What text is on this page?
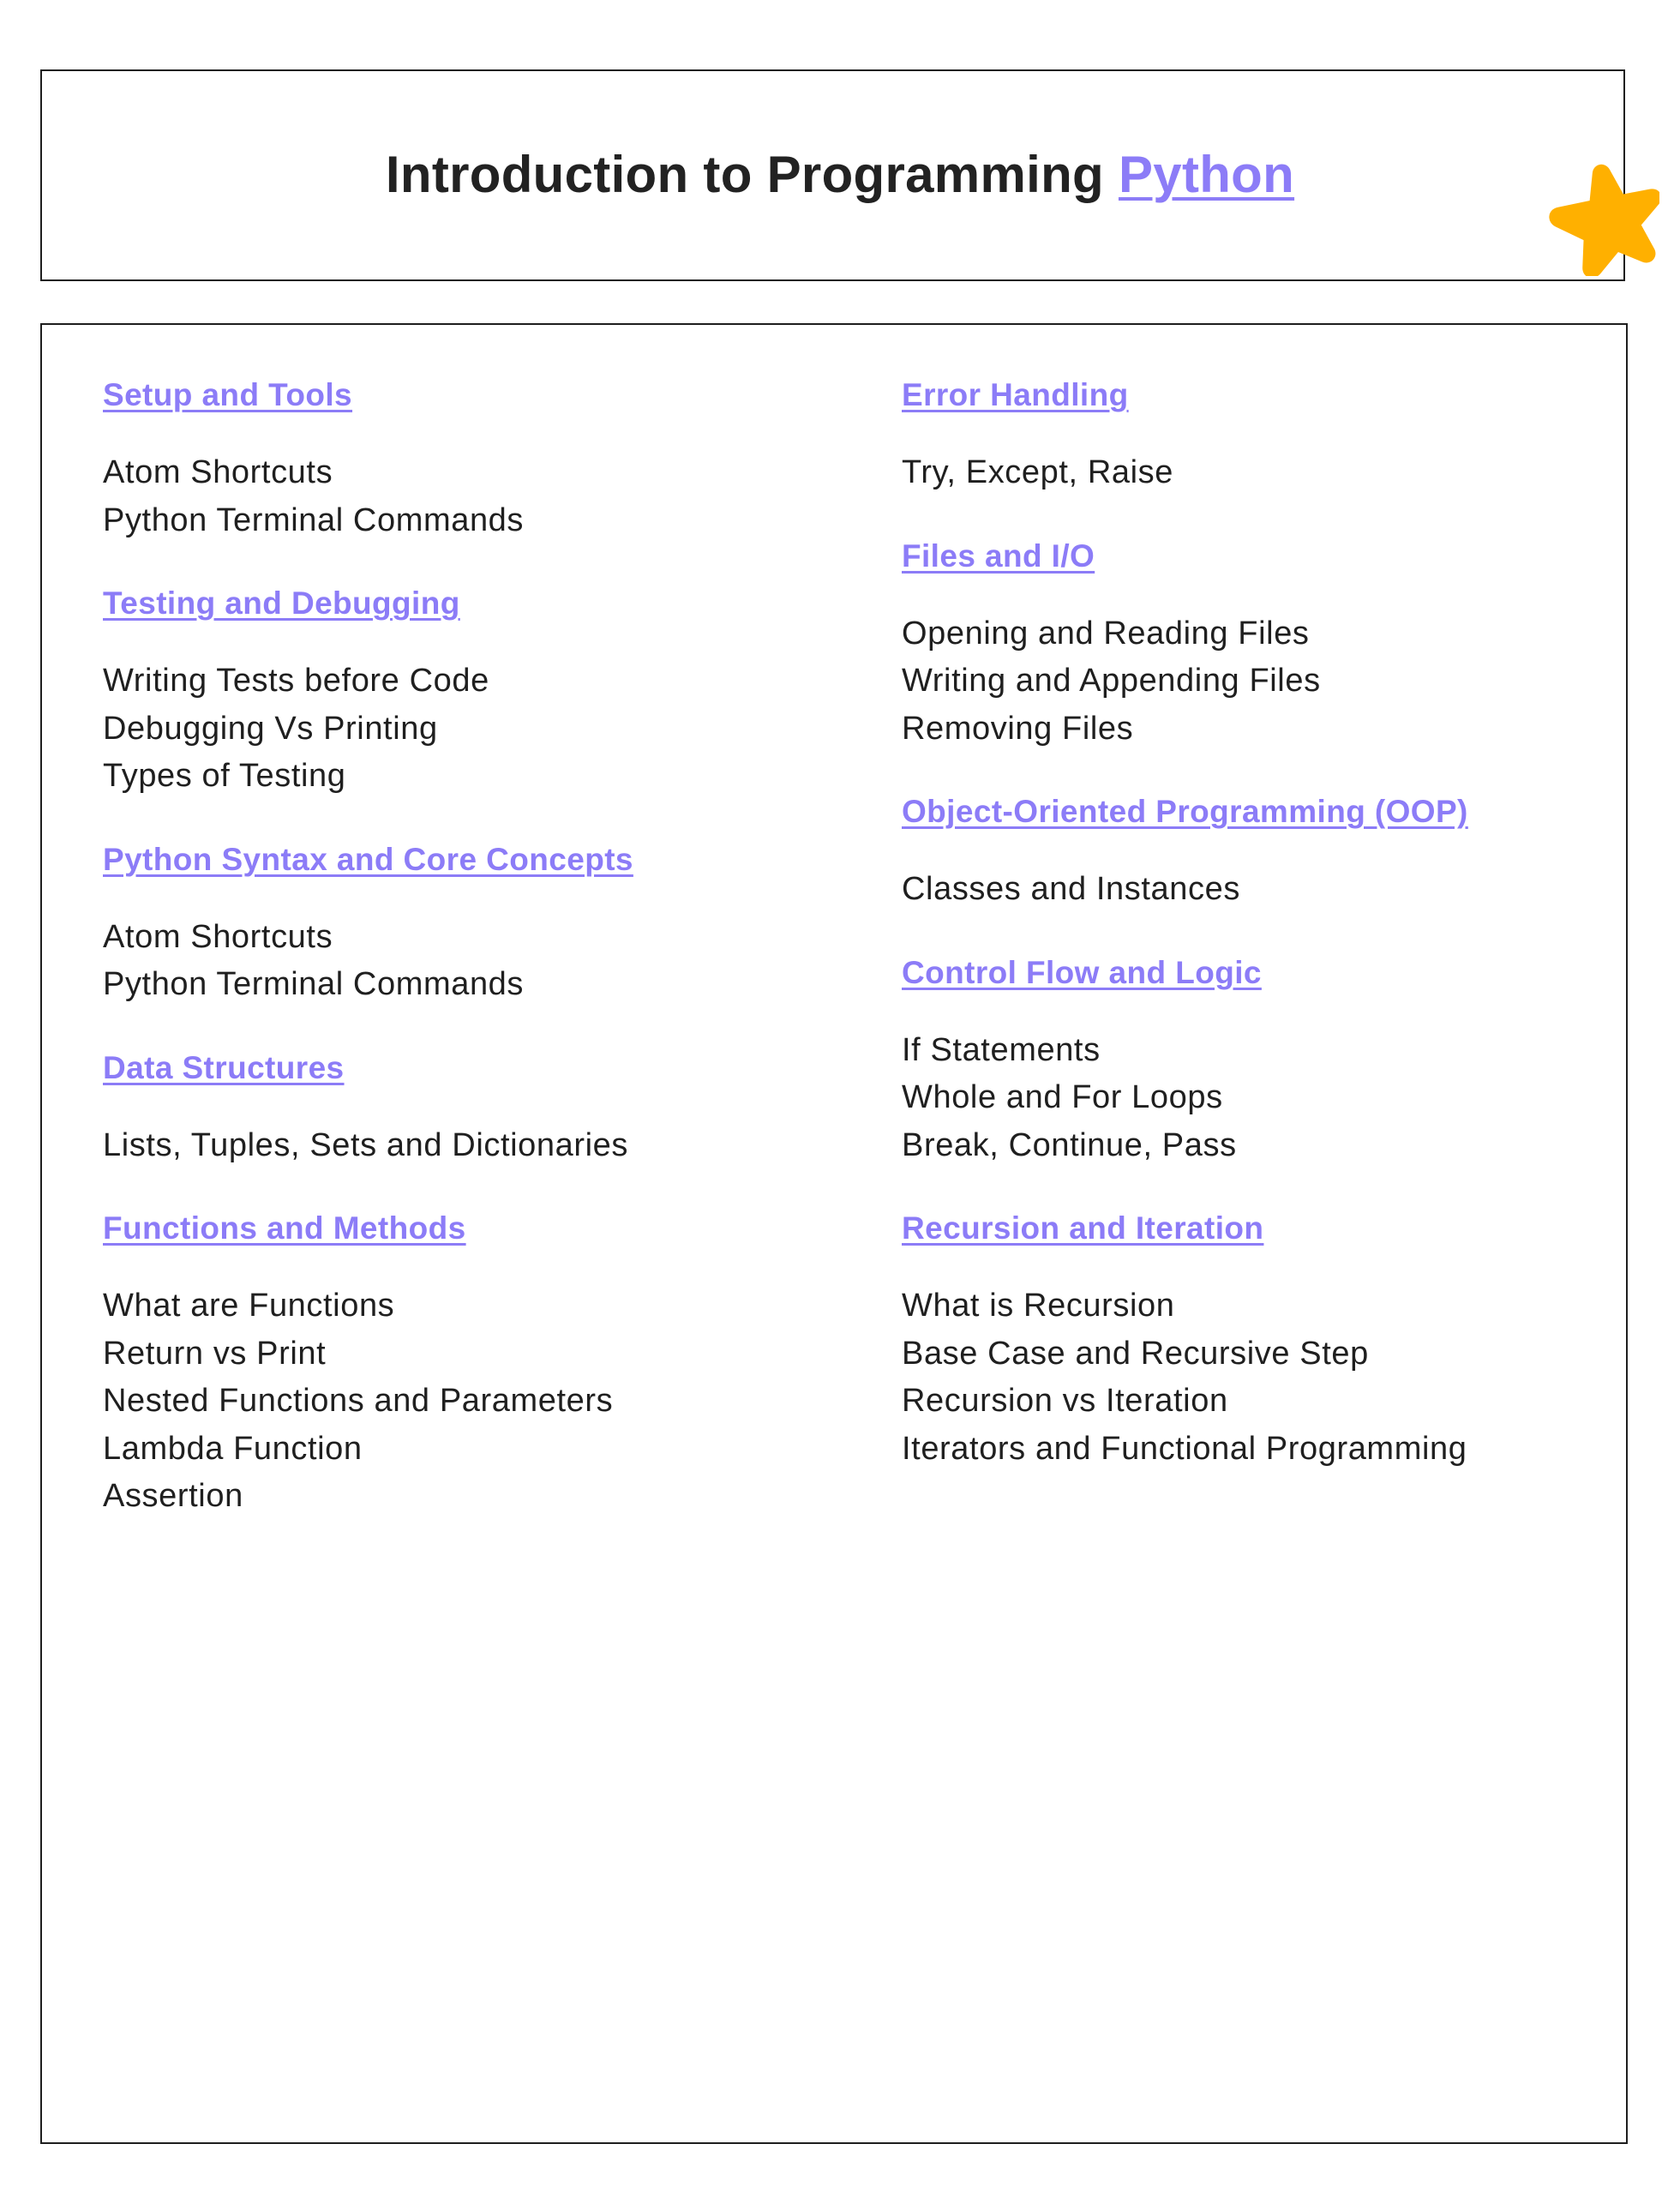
Introduction to Programming Python
Setup and Tools
Atom Shortcuts
Python Terminal Commands
Testing and Debugging
Writing Tests before Code
Debugging Vs Printing
Types of Testing
Python Syntax and Core Concepts
Atom Shortcuts
Python Terminal Commands
Data Structures
Lists, Tuples, Sets and Dictionaries
Functions and Methods
What are Functions
Return vs Print
Nested Functions and Parameters
Lambda Function
Assertion
Error Handling
Try, Except, Raise
Files and I/O
Opening and Reading Files
Writing and Appending Files
Removing Files
Object-Oriented Programming (OOP)
Classes and Instances
Control Flow and Logic
If Statements
Whole and For Loops
Break, Continue, Pass
Recursion and Iteration
What is Recursion
Base Case and Recursive Step
Recursion vs Iteration
Iterators and Functional Programming
